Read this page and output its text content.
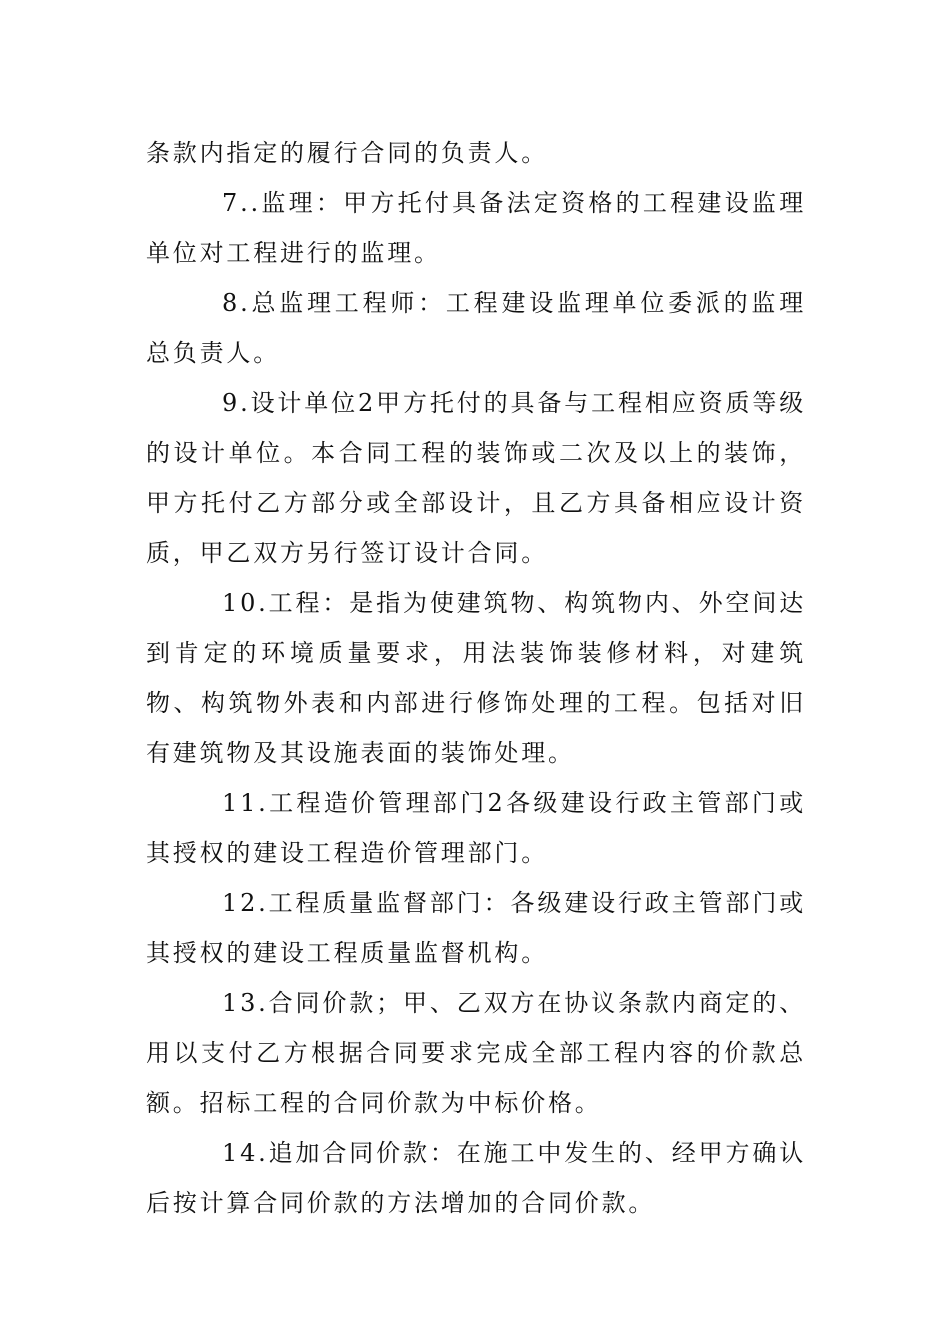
条款内指定的履行合同的负责人。

7..监理：甲方托付具备法定资格的工程建设监理单位对工程进行的监理。

8.总监理工程师：工程建设监理单位委派的监理总负责人。

9.设计单位2甲方托付的具备与工程相应资质等级的设计单位。本合同工程的装饰或二次及以上的装饰，甲方托付乙方部分或全部设计，且乙方具备相应设计资质，甲乙双方另行签订设计合同。

10.工程：是指为使建筑物、构筑物内、外空间达到肯定的环境质量要求，用法装饰装修材料，对建筑物、构筑物外表和内部进行修饰处理的工程。包括对旧有建筑物及其设施表面的装饰处理。

11.工程造价管理部门2各级建设行政主管部门或其授权的建设工程造价管理部门。

12.工程质量监督部门：各级建设行政主管部门或其授权的建设工程质量监督机构。

13.合同价款；甲、乙双方在协议条款内商定的、用以支付乙方根据合同要求完成全部工程内容的价款总额。招标工程的合同价款为中标价格。

14.追加合同价款：在施工中发生的、经甲方确认后按计算合同价款的方法增加的合同价款。
